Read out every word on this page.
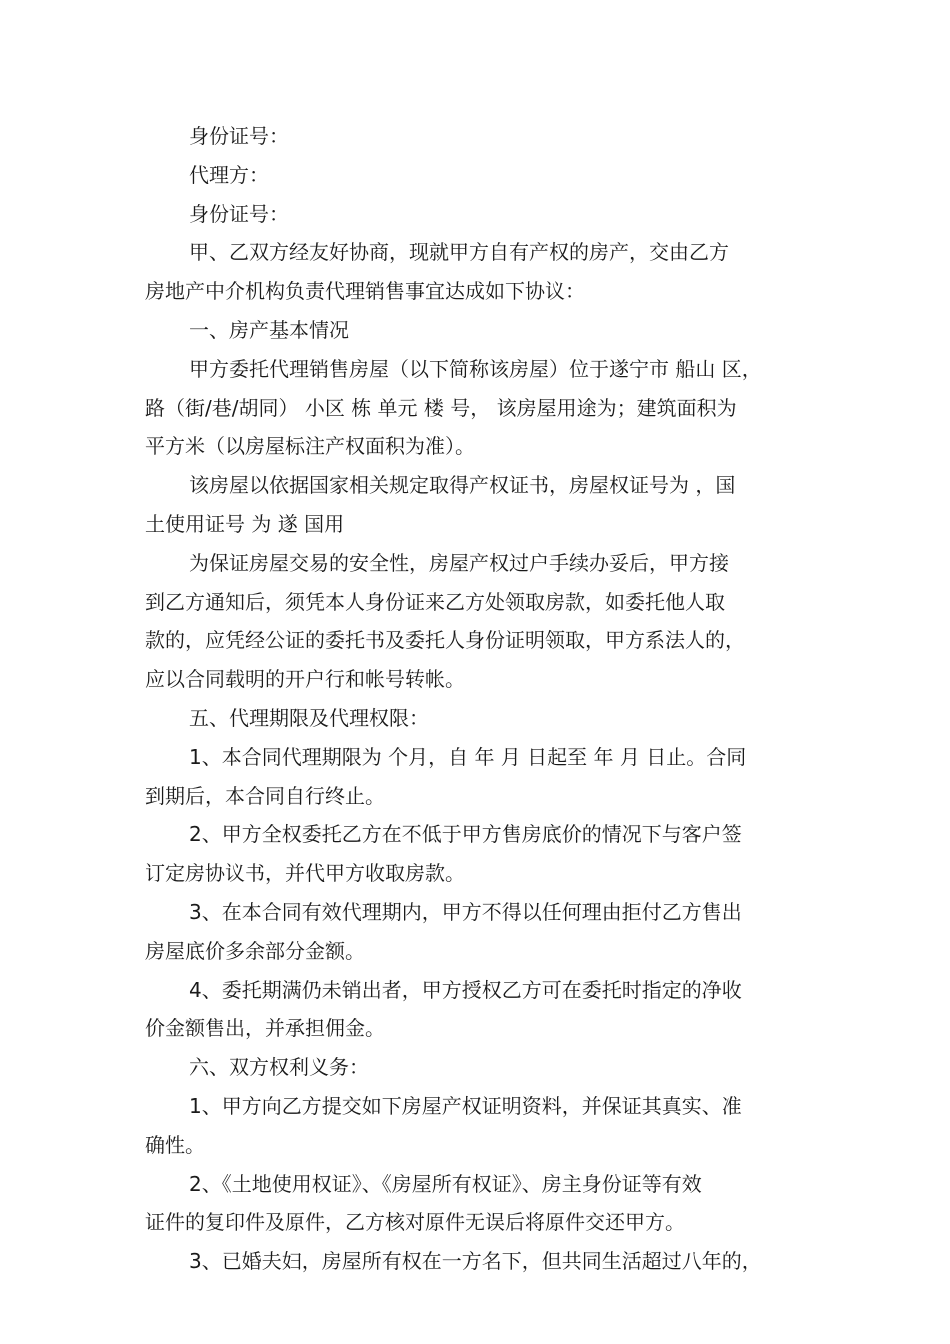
身份证号：

代理方：

身份证号：

甲、乙双方经友好协商，现就甲方自有产权的房产，交由乙方
房地产中介机构负责代理销售事宜达成如下协议：

一、房产基本情况

甲方委托代理销售房屋（以下简称该房屋）位于遂宁市 船山 区，
路（街/巷/胡同） 小区 栋 单元 楼 号， 该房屋用途为；建筑面积为
平方米（以房屋标注产权面积为准）。

该房屋以依据国家相关规定取得产权证书，房屋权证号为 ，国
土使用证号 为 遂 国用

为保证房屋交易的安全性，房屋产权过户手续办妥后，甲方接
到乙方通知后，须凭本人身份证来乙方处领取房款，如委托他人取
款的，应凭经公证的委托书及委托人身份证明领取，甲方系法人的，
应以合同载明的开户行和帐号转帐。

五、代理期限及代理权限：

1、本合同代理期限为 个月，自 年 月 日起至 年 月 日止。合同
到期后，本合同自行终止。

2、甲方全权委托乙方在不低于甲方售房底价的情况下与客户签
订定房协议书，并代甲方收取房款。

3、在本合同有效代理期内，甲方不得以任何理由拒付乙方售出
房屋底价多余部分金额。

4、委托期满仍未销出者，甲方授权乙方可在委托时指定的净收
价金额售出，并承担佣金。

六、双方权利义务：

1、甲方向乙方提交如下房屋产权证明资料，并保证其真实、准
确性。

2、《土地使用权证》、《房屋所有权证》、房主身份证等有效
证件的复印件及原件，乙方核对原件无误后将原件交还甲方。

3、已婚夫妇，房屋所有权在一方名下，但共同生活超过八年的，
